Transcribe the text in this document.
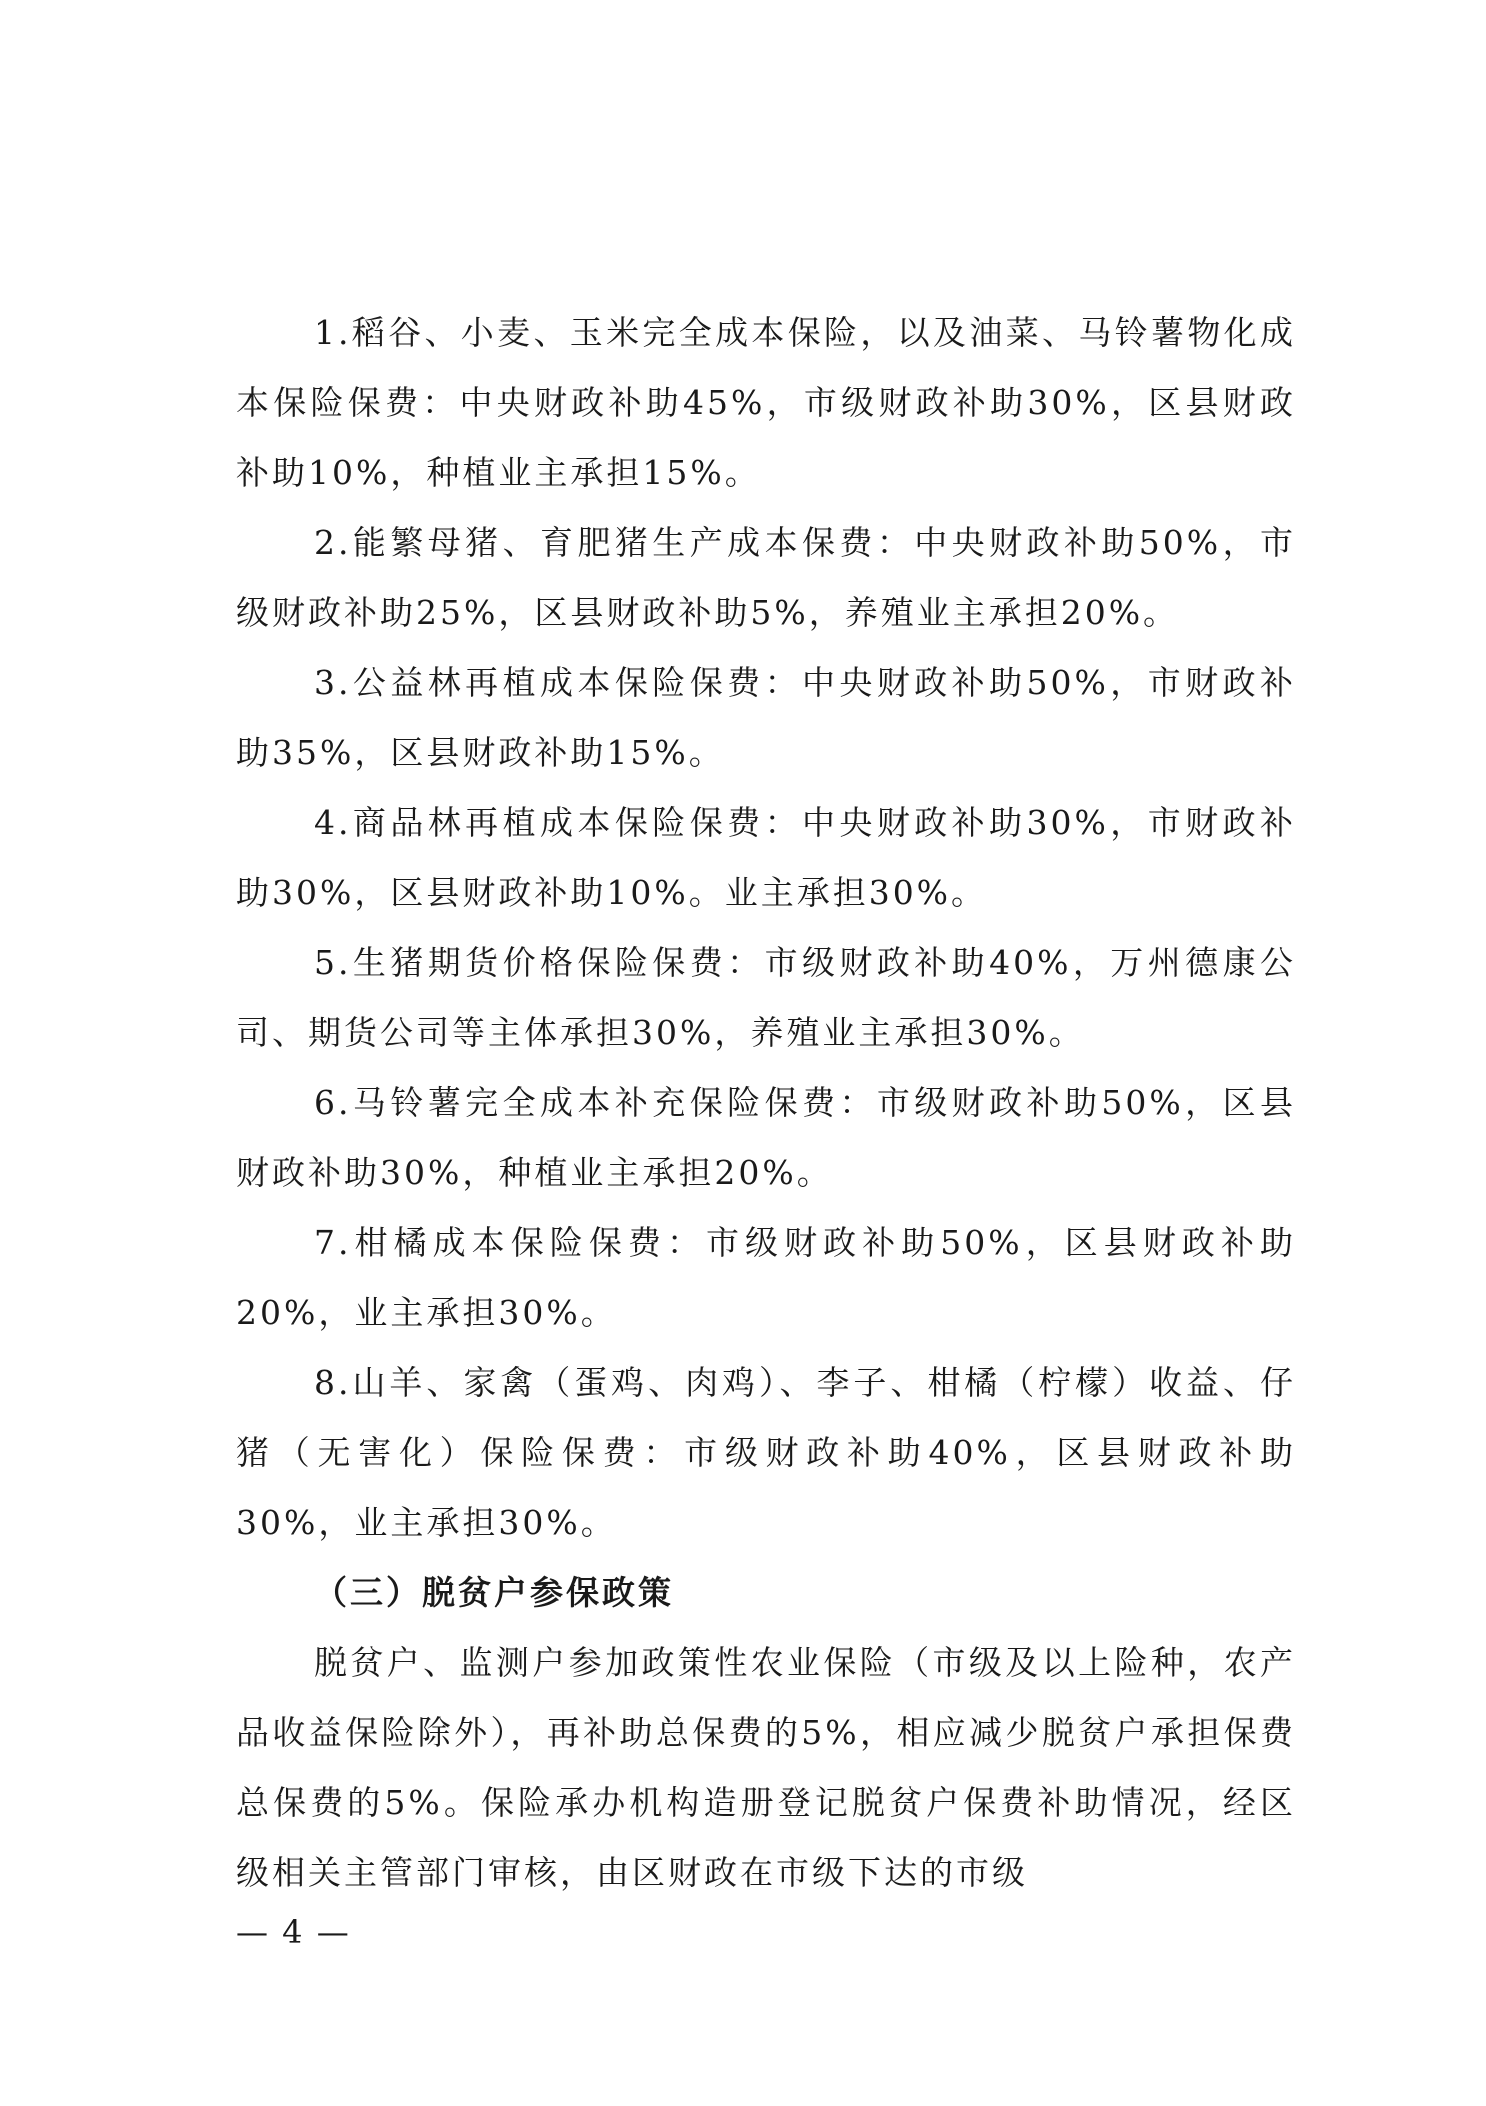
1.稻谷、小麦、玉米完全成本保险，以及油菜、马铃薯物化成本保险保费：中央财政补助45%，市级财政补助30%，区县财政补助10%，种植业主承担15%。

2.能繁母猪、育肥猪生产成本保费：中央财政补助50%，市级财政补助25%，区县财政补助5%，养殖业主承担20%。

3.公益林再植成本保险保费：中央财政补助50%，市财政补助35%，区县财政补助15%。

4.商品林再植成本保险保费：中央财政补助30%，市财政补助30%，区县财政补助10%。业主承担30%。

5.生猪期货价格保险保费：市级财政补助40%，万州德康公司、期货公司等主体承担30%，养殖业主承担30%。

6.马铃薯完全成本补充保险保费：市级财政补助50%，区县财政补助30%，种植业主承担20%。

7.柑橘成本保险保费：市级财政补助50%，区县财政补助20%，业主承担30%。

8.山羊、家禽（蛋鸡、肉鸡）、李子、柑橘（柠檬）收益、仔猪（无害化）保险保费：市级财政补助40%，区县财政补助30%，业主承担30%。

（三）脱贫户参保政策

脱贫户、监测户参加政策性农业保险（市级及以上险种，农产品收益保险除外），再补助总保费的5%，相应减少脱贫户承担保费总保费的5%。保险承办机构造册登记脱贫户保费补助情况，经区级相关主管部门审核，由区财政在市级下达的市级

— 4 —
